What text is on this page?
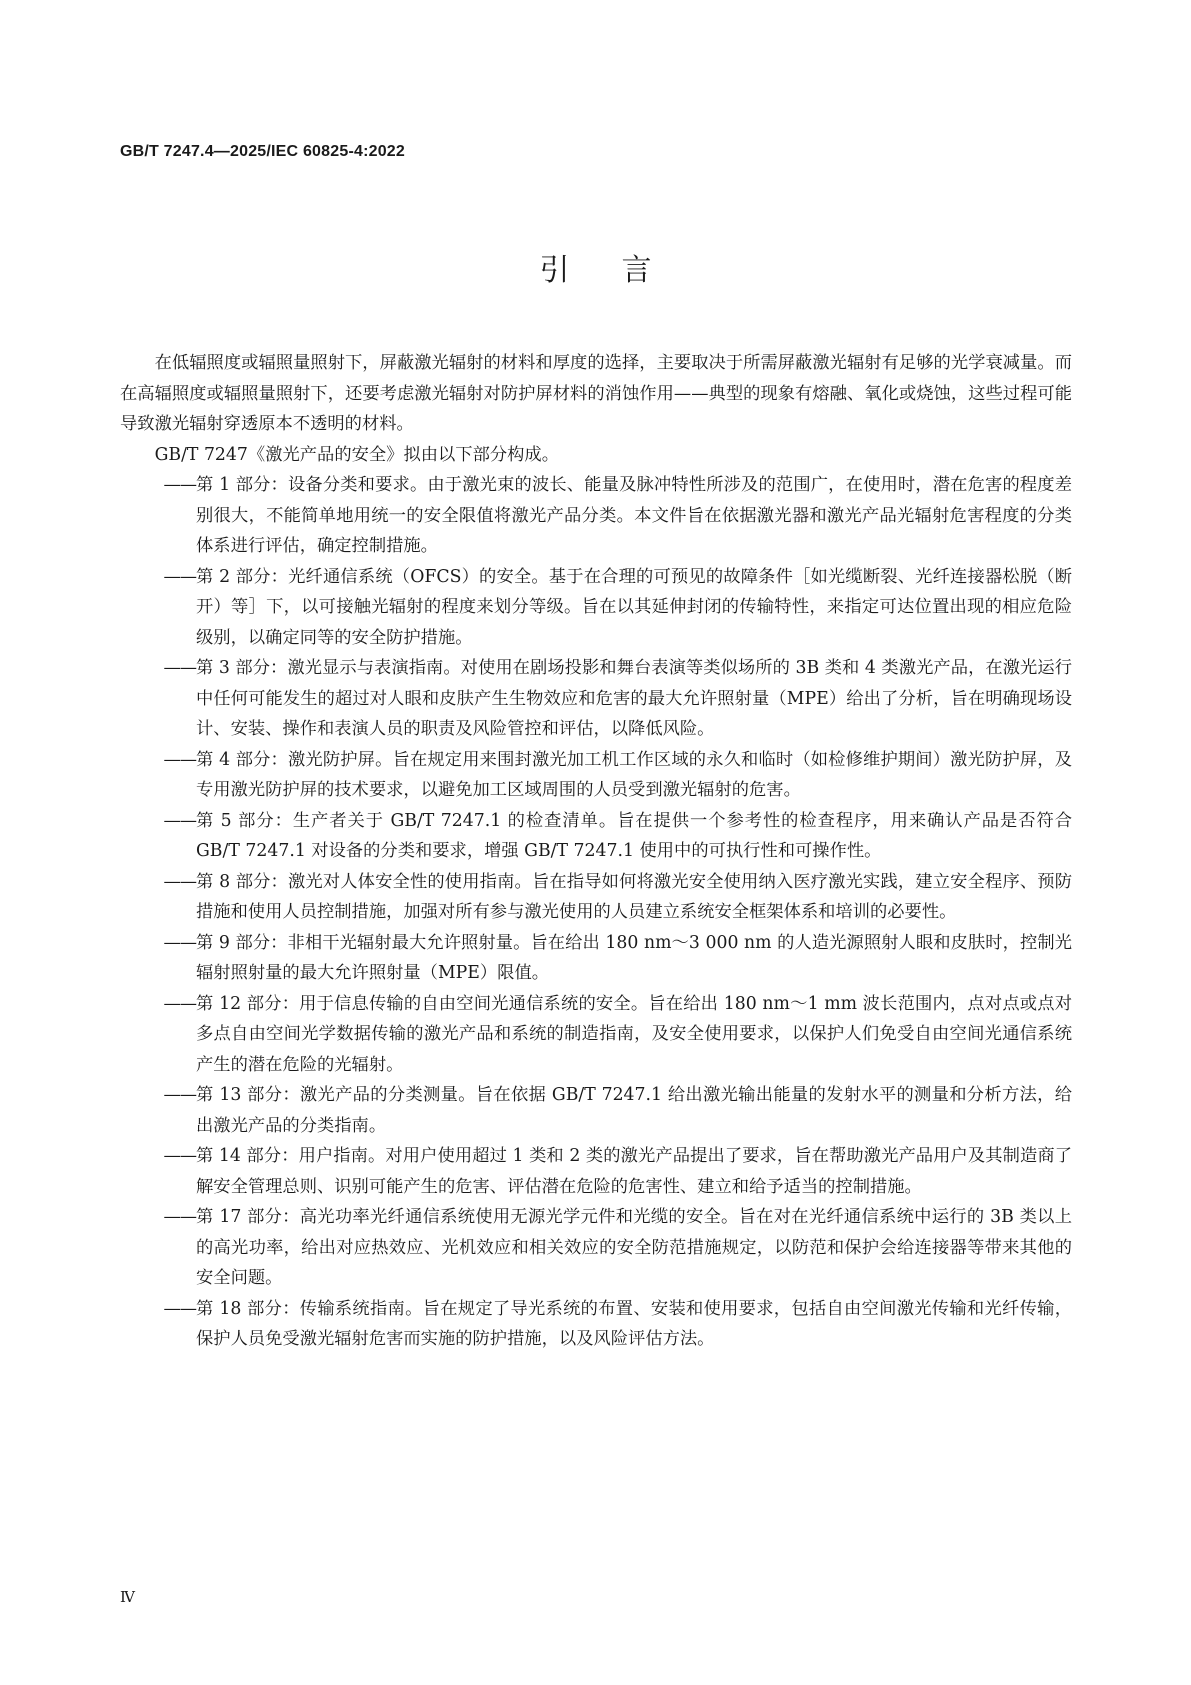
GB/T 7247.4—2025/IEC 60825-4:2022
引言

在低辐照度或辐照量照射下，屏蔽激光辐射的材料和厚度的选择，主要取决于所需屏蔽激光辐射有足够的光学衰减量。而在高辐照度或辐照量照射下，还要考虑激光辐射对防护屏材料的消蚀作用——典型的现象有熔融、氧化或烧蚀，这些过程可能导致激光辐射穿透原本不透明的材料。

GB/T 7247《激光产品的安全》拟由以下部分构成。

—— 第 1 部分：设备分类和要求。由于激光束的波长、能量及脉冲特性所涉及的范围广，在使用时，潜在危害的程度差别很大，不能简单地用统一的安全限值将激光产品分类。本文件旨在依据激光器和激光产品光辐射危害程度的分类体系进行评估，确定控制措施。
—— 第 2 部分：光纤通信系统（OFCS）的安全。基于在合理的可预见的故障条件［如光缆断裂、光纤连接器松脱（断开）等］下，以可接触光辐射的程度来划分等级。旨在以其延伸封闭的传输特性，来指定可达位置出现的相应危险级别，以确定同等的安全防护措施。
—— 第 3 部分：激光显示与表演指南。对使用在剧场投影和舞台表演等类似场所的 3B 类和 4 类激光产品，在激光运行中任何可能发生的超过对人眼和皮肤产生生物效应和危害的最大允许照射量（MPE）给出了分析，旨在明确现场设计、安装、操作和表演人员的职责及风险管控和评估，以降低风险。
—— 第 4 部分：激光防护屏。旨在规定用来围封激光加工机工作区域的永久和临时（如检修维护期间）激光防护屏，及专用激光防护屏的技术要求，以避免加工区域周围的人员受到激光辐射的危害。
—— 第 5 部分：生产者关于 GB/T 7247.1 的检查清单。旨在提供一个参考性的检查程序，用来确认产品是否符合 GB/T 7247.1 对设备的分类和要求，增强 GB/T 7247.1 使用中的可执行性和可操作性。
—— 第 8 部分：激光对人体安全性的使用指南。旨在指导如何将激光安全使用纳入医疗激光实践，建立安全程序、预防措施和使用人员控制措施，加强对所有参与激光使用的人员建立系统安全框架体系和培训的必要性。
—— 第 9 部分：非相干光辐射最大允许照射量。旨在给出 180 nm～3 000 nm 的人造光源照射人眼和皮肤时，控制光辐射照射量的最大允许照射量（MPE）限值。
—— 第 12 部分：用于信息传输的自由空间光通信系统的安全。旨在给出 180 nm～1 mm 波长范围内，点对点或点对多点自由空间光学数据传输的激光产品和系统的制造指南，及安全使用要求，以保护人们免受自由空间光通信系统产生的潜在危险的光辐射。
—— 第 13 部分：激光产品的分类测量。旨在依据 GB/T 7247.1 给出激光输出能量的发射水平的测量和分析方法，给出激光产品的分类指南。
—— 第 14 部分：用户指南。对用户使用超过 1 类和 2 类的激光产品提出了要求，旨在帮助激光产品用户及其制造商了解安全管理总则、识别可能产生的危害、评估潜在危险的危害性、建立和给予适当的控制措施。
—— 第 17 部分：高光功率光纤通信系统使用无源光学元件和光缆的安全。旨在对在光纤通信系统中运行的 3B 类以上的高光功率，给出对应热效应、光机效应和相关效应的安全防范措施规定，以防范和保护会给连接器等带来其他的安全问题。
—— 第 18 部分：传输系统指南。旨在规定了导光系统的布置、安装和使用要求，包括自由空间激光传输和光纤传输，保护人员免受激光辐射危害而实施的防护措施，以及风险评估方法。
Ⅳ
